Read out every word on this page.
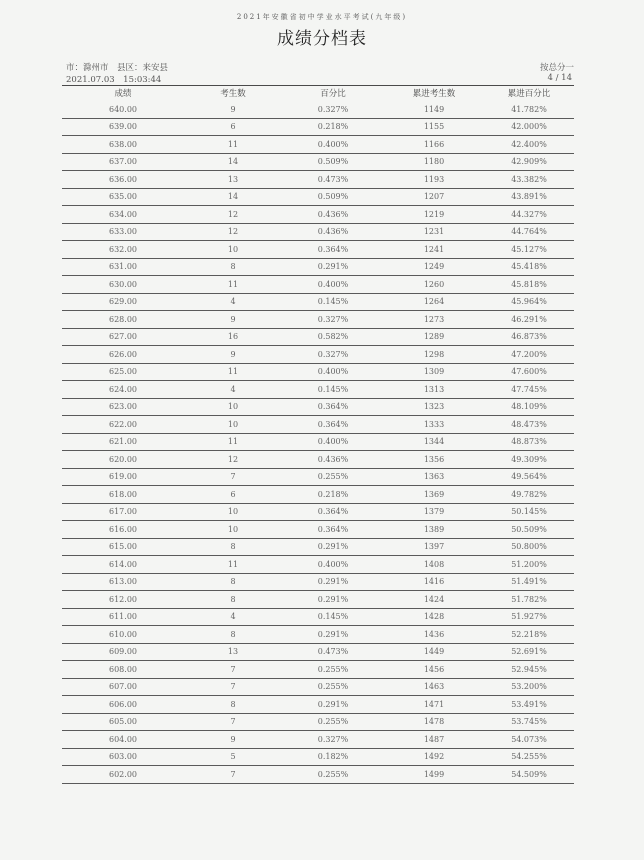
2021年安徽省初中学业水平考试(九年级)
成绩分档表
市：滁州市　县区：来安县
2021.07.03　15:03:44
按总分一
4 / 14
成绩	考生数	百分比	累进考生数	累进百分比
640.00	9	0.327%	1149	41.782%
639.00	6	0.218%	1155	42.000%
638.00	11	0.400%	1166	42.400%
637.00	14	0.509%	1180	42.909%
636.00	13	0.473%	1193	43.382%
635.00	14	0.509%	1207	43.891%
634.00	12	0.436%	1219	44.327%
633.00	12	0.436%	1231	44.764%
632.00	10	0.364%	1241	45.127%
631.00	8	0.291%	1249	45.418%
630.00	11	0.400%	1260	45.818%
629.00	4	0.145%	1264	45.964%
628.00	9	0.327%	1273	46.291%
627.00	16	0.582%	1289	46.873%
626.00	9	0.327%	1298	47.200%
625.00	11	0.400%	1309	47.600%
624.00	4	0.145%	1313	47.745%
623.00	10	0.364%	1323	48.109%
622.00	10	0.364%	1333	48.473%
621.00	11	0.400%	1344	48.873%
620.00	12	0.436%	1356	49.309%
619.00	7	0.255%	1363	49.564%
618.00	6	0.218%	1369	49.782%
617.00	10	0.364%	1379	50.145%
616.00	10	0.364%	1389	50.509%
615.00	8	0.291%	1397	50.800%
614.00	11	0.400%	1408	51.200%
613.00	8	0.291%	1416	51.491%
612.00	8	0.291%	1424	51.782%
611.00	4	0.145%	1428	51.927%
610.00	8	0.291%	1436	52.218%
609.00	13	0.473%	1449	52.691%
608.00	7	0.255%	1456	52.945%
607.00	7	0.255%	1463	53.200%
606.00	8	0.291%	1471	53.491%
605.00	7	0.255%	1478	53.745%
604.00	9	0.327%	1487	54.073%
603.00	5	0.182%	1492	54.255%
602.00	7	0.255%	1499	54.509%
